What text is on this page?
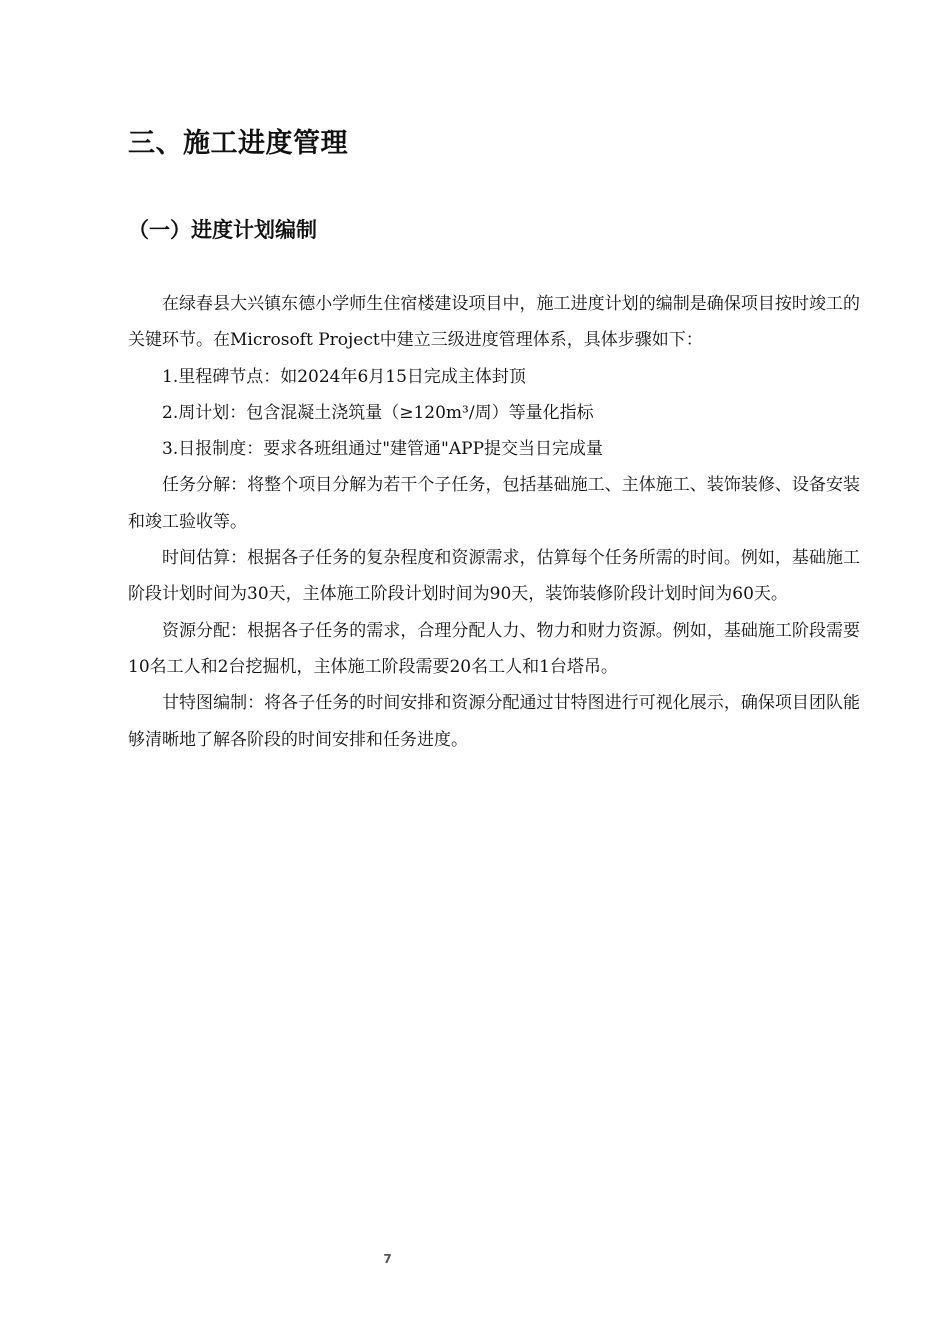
三、施工进度管理
（一）进度计划编制

在绿春县大兴镇东德小学师生住宿楼建设项目中，施工进度计划的编制是确保项目按时竣工的关键环节。在Microsoft Project中建立三级进度管理体系，具体步骤如下：

1.里程碑节点：如2024年6月15日完成主体封顶

2.周计划：包含混凝土浇筑量（≥120m³/周）等量化指标

3.日报制度：要求各班组通过"建管通"APP提交当日完成量

任务分解：将整个项目分解为若干个子任务，包括基础施工、主体施工、装饰装修、设备安装和竣工验收等。

时间估算：根据各子任务的复杂程度和资源需求，估算每个任务所需的时间。例如，基础施工阶段计划时间为30天，主体施工阶段计划时间为90天，装饰装修阶段计划时间为60天。

资源分配：根据各子任务的需求，合理分配人力、物力和财力资源。例如，基础施工阶段需要10名工人和2台挖掘机，主体施工阶段需要20名工人和1台塔吊。

甘特图编制：将各子任务的时间安排和资源分配通过甘特图进行可视化展示，确保项目团队能够清晰地了解各阶段的时间安排和任务进度。

7
